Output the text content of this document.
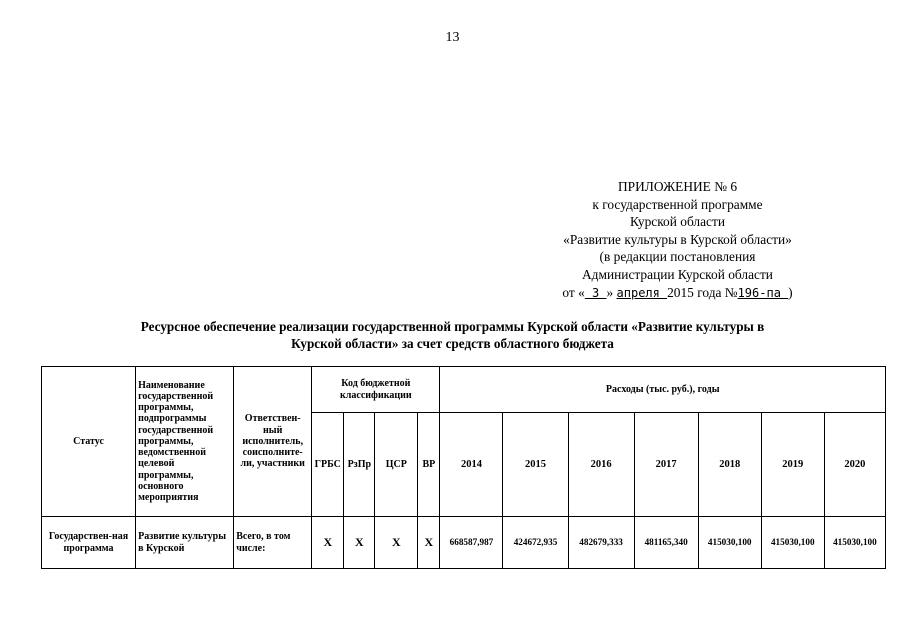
13
ПРИЛОЖЕНИЕ № 6
к государственной программе
Курской области
«Развитие культуры в Курской области»
(в редакции постановления
Администрации Курской области
от « 3 » апреля 2015 года №196-па )
Ресурсное обеспечение реализации государственной программы Курской области «Развитие культуры в
Курской области» за счет средств областного бюджета
Статус	Наименование государственной программы, подпрограммы государственной программы, ведомственной целевой программы, основного мероприятия	Ответствен-ный исполнитель, соисполните-ли, участники	Код бюджетной классификации				Расходы (тыс. руб.), годы						
			ГРБС	РзПр	ЦСР	ВР	2014	2015	2016	2017	2018	2019	2020
Государствен-ная программа	Развитие культуры в Курской	Всего, в том числе:	Х	Х	Х	Х	668587,987	424672,935	482679,333	481165,340	415030,100	415030,100	415030,100
